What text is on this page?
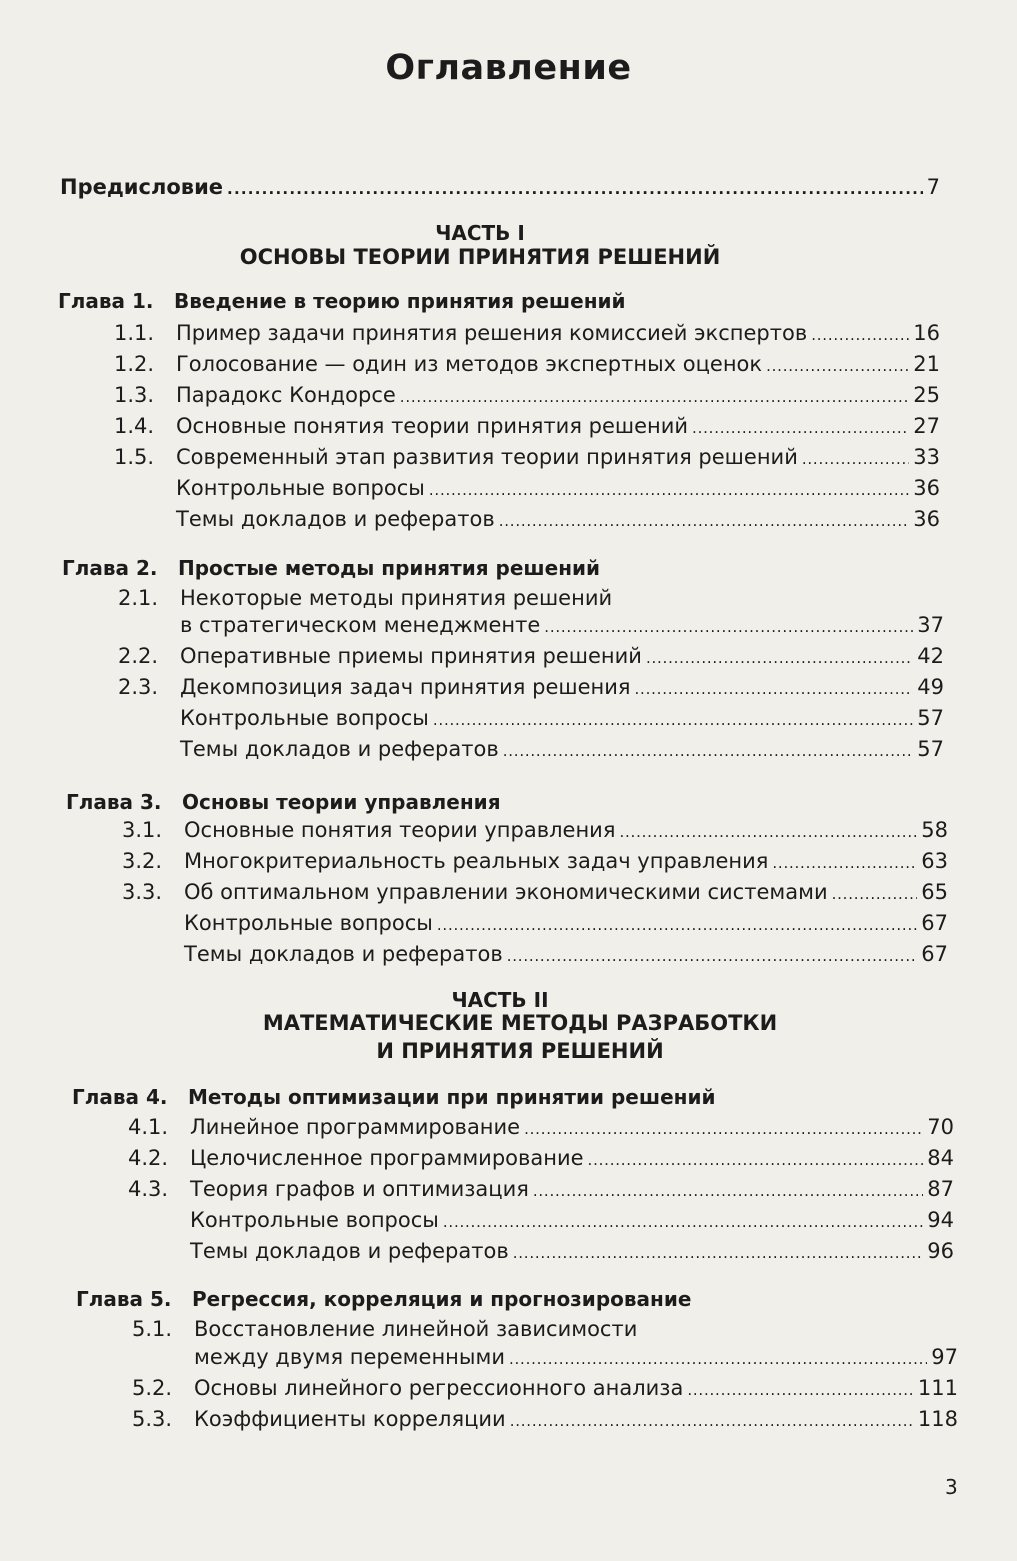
Оглавление
Предисловие . . .	7
ЧАСТЬ I
ОСНОВЫ ТЕОРИИ ПРИНЯТИЯ РЕШЕНИЙ
Глава 1. Введение в теорию принятия решений
1.1.	Пример задачи принятия решения комиссией экспертов . . .	16
1.2.	Голосование — один из методов экспертных оценок . . .	21
1.3.	Парадокс Кондорсе . . .	25
1.4.	Основные понятия теории принятия решений . . .	27
1.5.	Современный этап развития теории принятия решений . . .	33
Контрольные вопросы . . .	36
Темы докладов и рефератов . . .	36
Глава 2. Простые методы принятия решений
2.1. Некоторые методы принятия решений
в стратегическом менеджменте . . .	37
2.2.	Оперативные приемы принятия решений . . .	42
2.3.	Декомпозиция задач принятия решения . . .	49
Контрольные вопросы . . .	57
Темы докладов и рефератов . . .	57
Глава 3. Основы теории управления
3.1.	Основные понятия теории управления . . .	58
3.2.	Многокритериальность реальных задач управления . . .	63
3.3.	Об оптимальном управлении экономическими системами . . .	65
Контрольные вопросы . . .	67
Темы докладов и рефератов . . .	67
ЧАСТЬ II
МАТЕМАТИЧЕСКИЕ МЕТОДЫ РАЗРАБОТКИ
И ПРИНЯТИЯ РЕШЕНИЙ
Глава 4. Методы оптимизации при принятии решений
4.1.	Линейное программирование . . .	70
4.2.	Целочисленное программирование . . .	84
4.3.	Теория графов и оптимизация . . .	87
Контрольные вопросы . . .	94
Темы докладов и рефератов . . .	96
Глава 5. Регрессия, корреляция и прогнозирование
5.1. Восстановление линейной зависимости
между двумя переменными . . .	97
5.2.	Основы линейного регрессионного анализа . . .	111
5.3.	Коэффициенты корреляции . . .	118
3
